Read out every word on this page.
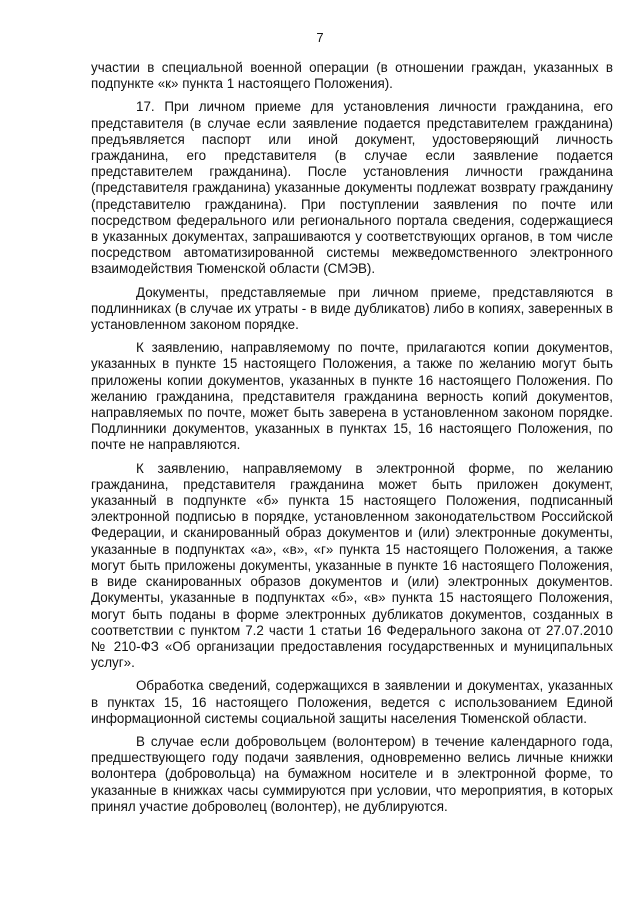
7

участии в специальной военной операции (в отношении граждан, указанных в подпункте «к» пункта 1 настоящего Положения).

17. При личном приеме для установления личности гражданина, его представителя (в случае если заявление подается представителем гражданина) предъявляется паспорт или иной документ, удостоверяющий личность гражданина, его представителя (в случае если заявление подается представителем гражданина). После установления личности гражданина (представителя гражданина) указанные документы подлежат возврату гражданину (представителю гражданина). При поступлении заявления по почте или посредством федерального или регионального портала сведения, содержащиеся в указанных документах, запрашиваются у соответствующих органов, в том числе посредством автоматизированной системы межведомственного электронного взаимодействия Тюменской области (СМЭВ).

Документы, представляемые при личном приеме, представляются в подлинниках (в случае их утраты - в виде дубликатов) либо в копиях, заверенных в установленном законом порядке.

К заявлению, направляемому по почте, прилагаются копии документов, указанных в пункте 15 настоящего Положения, а также по желанию могут быть приложены копии документов, указанных в пункте 16 настоящего Положения. По желанию гражданина, представителя гражданина верность копий документов, направляемых по почте, может быть заверена в установленном законом порядке. Подлинники документов, указанных в пунктах 15, 16 настоящего Положения, по почте не направляются.

К заявлению, направляемому в электронной форме, по желанию гражданина, представителя гражданина может быть приложен документ, указанный в подпункте «б» пункта 15 настоящего Положения, подписанный электронной подписью в порядке, установленном законодательством Российской Федерации, и сканированный образ документов и (или) электронные документы, указанные в подпунктах «а», «в», «г» пункта 15 настоящего Положения, а также могут быть приложены документы, указанные в пункте 16 настоящего Положения, в виде сканированных образов документов и (или) электронных документов. Документы, указанные в подпунктах «б», «в» пункта 15 настоящего Положения, могут быть поданы в форме электронных дубликатов документов, созданных в соответствии с пунктом 7.2 части 1 статьи 16 Федерального закона от 27.07.2010 № 210-ФЗ «Об организации предоставления государственных и муниципальных услуг».

Обработка сведений, содержащихся в заявлении и документах, указанных в пунктах 15, 16 настоящего Положения, ведется с использованием Единой информационной системы социальной защиты населения Тюменской области.

В случае если добровольцем (волонтером) в течение календарного года, предшествующего году подачи заявления, одновременно велись личные книжки волонтера (добровольца) на бумажном носителе и в электронной форме, то указанные в книжках часы суммируются при условии, что мероприятия, в которых принял участие доброволец (волонтер), не дублируются.
